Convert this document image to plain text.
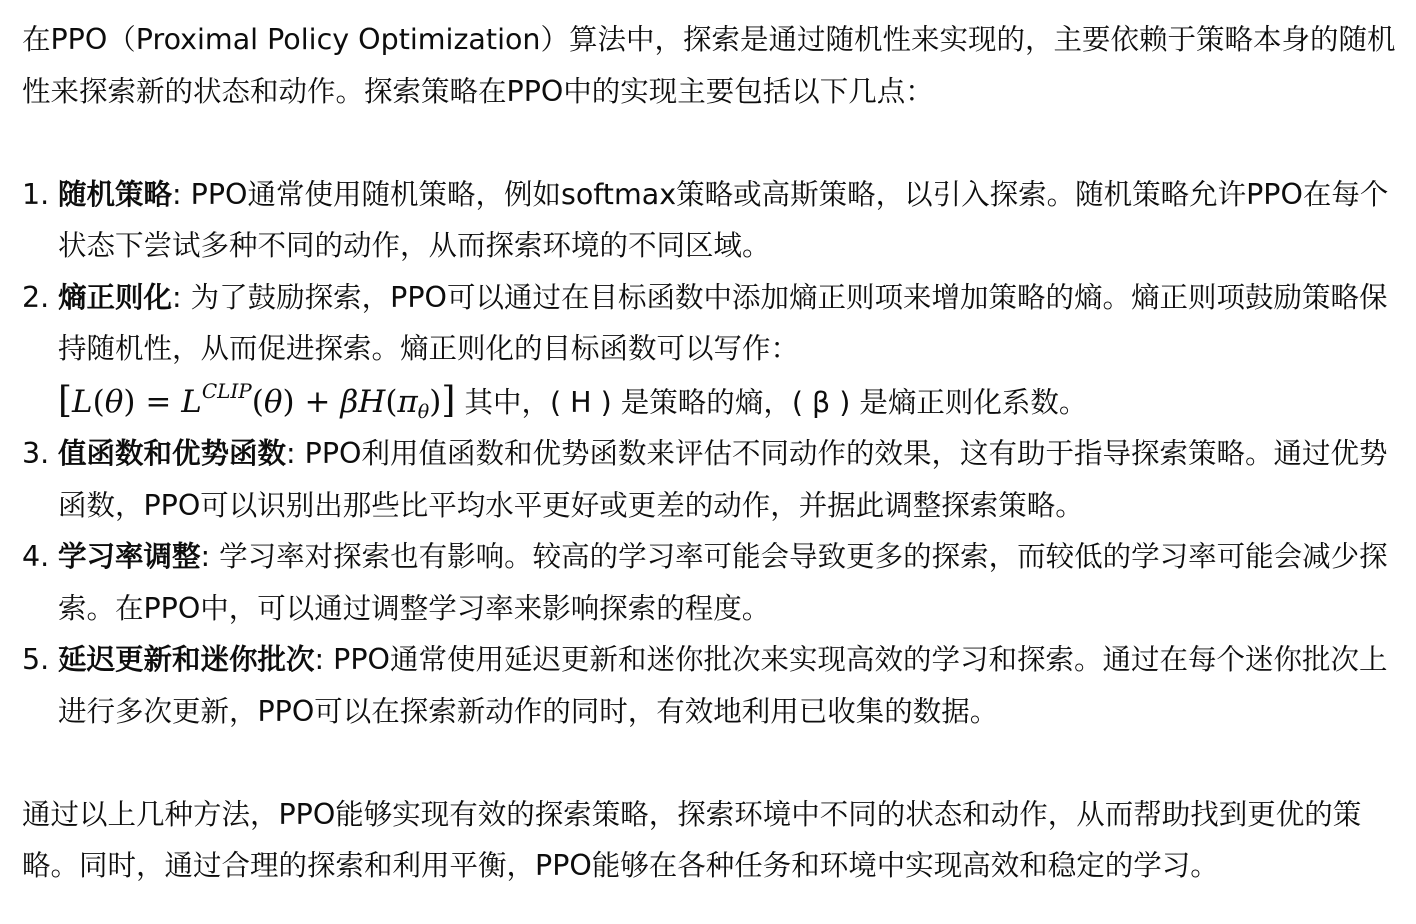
在PPO（Proximal Policy Optimization）算法中，探索是通过随机性来实现的，主要依赖于策略本身的随机性来探索新的状态和动作。探索策略在PPO中的实现主要包括以下几点：

1. 随机策略: PPO通常使用随机策略，例如softmax策略或高斯策略，以引入探索。随机策略允许PPO在每个状态下尝试多种不同的动作，从而探索环境的不同区域。
2. 熵正则化: 为了鼓励探索，PPO可以通过在目标函数中添加熵正则项来增加策略的熵。熵正则项鼓励策略保持随机性，从而促进探索。熵正则化的目标函数可以写作：
$[L(\theta) = L^{CLIP}(\theta) + \beta H(\pi_\theta)]$ 其中，( H ) 是策略的熵，( β ) 是熵正则化系数。
3. 值函数和优势函数: PPO利用值函数和优势函数来评估不同动作的效果，这有助于指导探索策略。通过优势函数，PPO可以识别出那些比平均水平更好或更差的动作，并据此调整探索策略。
4. 学习率调整: 学习率对探索也有影响。较高的学习率可能会导致更多的探索，而较低的学习率可能会减少探索。在PPO中，可以通过调整学习率来影响探索的程度。
5. 延迟更新和迷你批次: PPO通常使用延迟更新和迷你批次来实现高效的学习和探索。通过在每个迷你批次上进行多次更新，PPO可以在探索新动作的同时，有效地利用已收集的数据。

通过以上几种方法，PPO能够实现有效的探索策略，探索环境中不同的状态和动作，从而帮助找到更优的策略。同时，通过合理的探索和利用平衡，PPO能够在各种任务和环境中实现高效和稳定的学习。
